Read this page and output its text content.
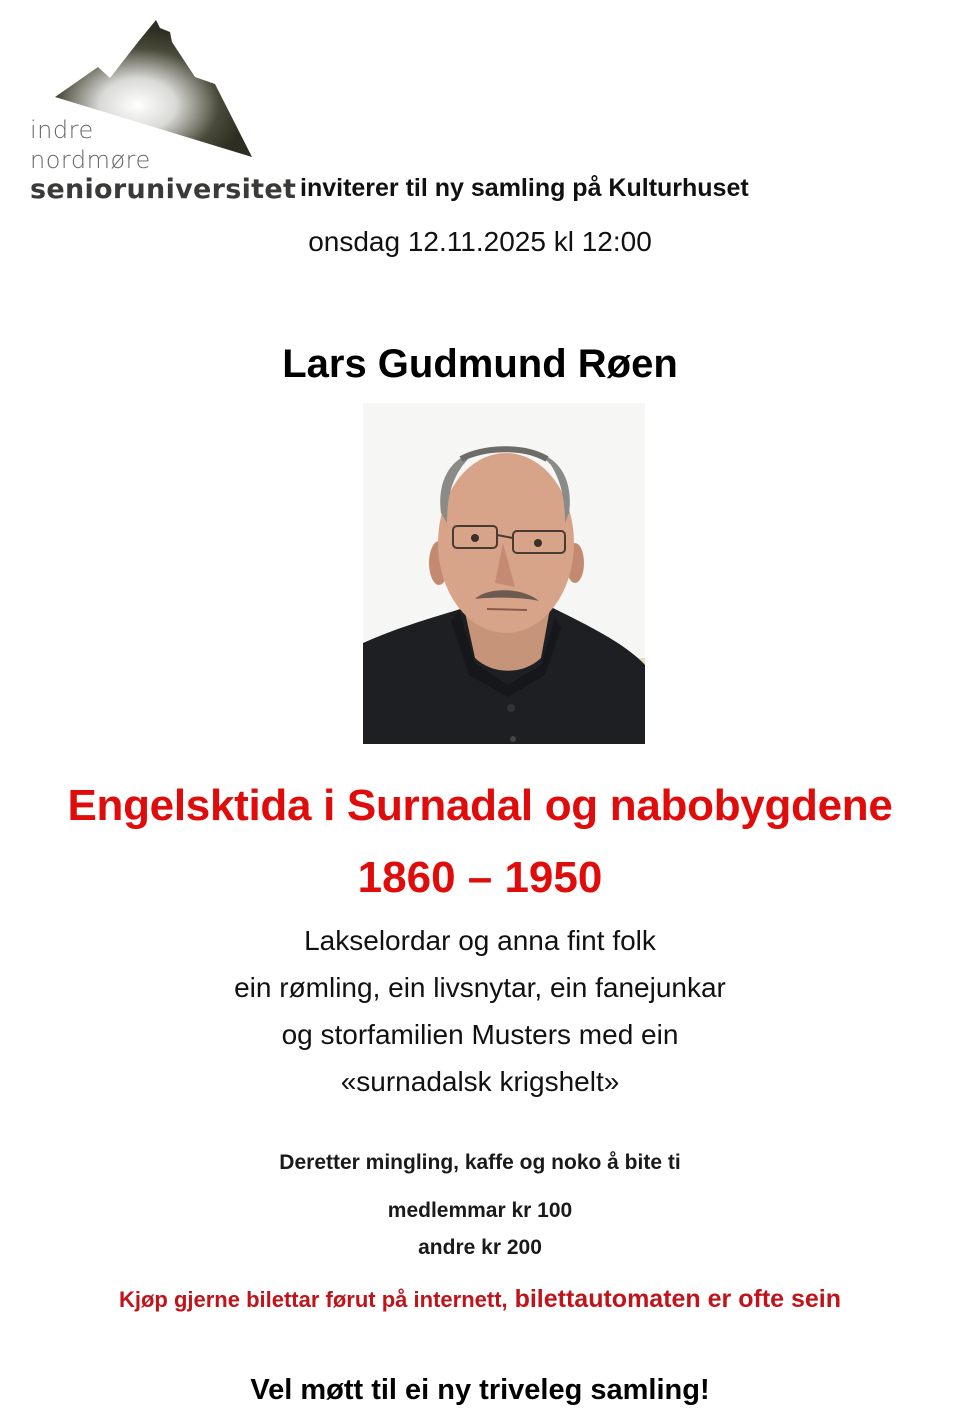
indre
nordmøre
senioruniversitet inviterer til ny samling på Kulturhuset
onsdag 12.11.2025 kl 12:00
Lars Gudmund Røen
Engelsktida i Surnadal og nabobygdene
1860 – 1950
Lakselordar og anna fint folk
ein rømling, ein livsnytar, ein fanejunkar
og storfamilien Musters med ein
«surnadalsk krigshelt»
Deretter mingling, kaffe og noko å bite ti
medlemmar kr 100
andre kr 200
Kjøp gjerne bilettar førut på internett, bilettautomaten er ofte sein
Vel møtt til ei ny triveleg samling!
